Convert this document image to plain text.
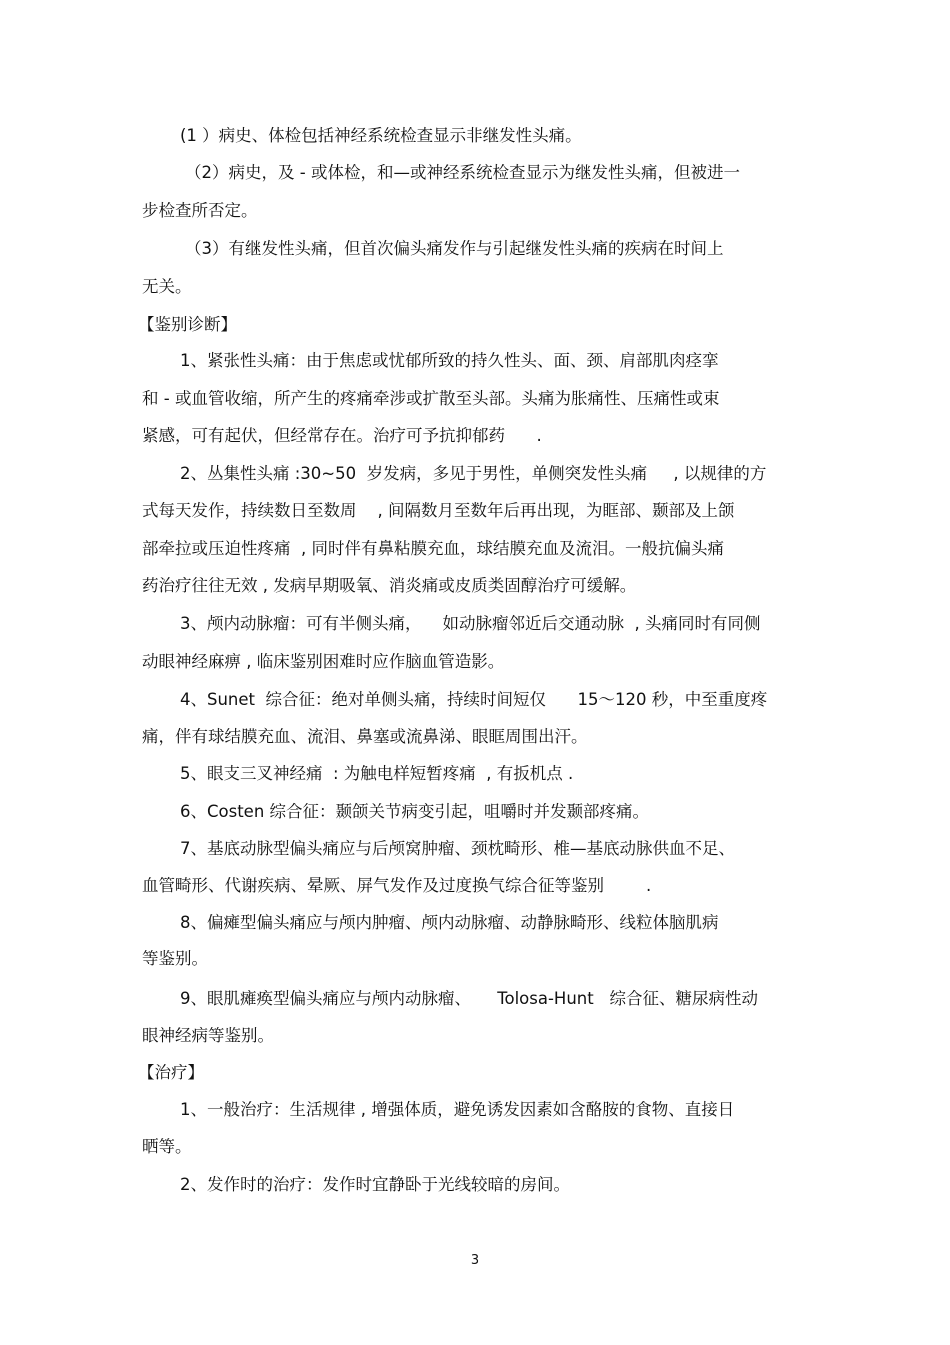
(1 ）病史、体检包括神经系统检查显示非继发性头痛。
（2）病史，及 - 或体检，和—或神经系统检查显示为继发性头痛，但被进一
步检查所否定。
（3）有继发性头痛，但首次偏头痛发作与引起继发性头痛的疾病在时间上
无关。
【鉴别诊断】
1、紧张性头痛：由于焦虑或忧郁所致的持久性头、面、颈、肩部肌肉痉挛
和 - 或血管收缩，所产生的疼痛牵涉或扩散至头部。头痛为胀痛性、压痛性或束
紧感，可有起伏，但经常存在。治疗可予抗抑郁药      .
2、丛集性头痛 :30~50  岁发病，多见于男性，单侧突发性头痛     , 以规律的方
式每天发作，持续数日至数周    , 间隔数月至数年后再出现，为眶部、颞部及上颌
部牵拉或压迫性疼痛  , 同时伴有鼻粘膜充血，球结膜充血及流泪。一般抗偏头痛
药治疗往往无效 , 发病早期吸氧、消炎痛或皮质类固醇治疗可缓解。
3、颅内动脉瘤：可有半侧头痛，    如动脉瘤邻近后交通动脉  , 头痛同时有同侧
动眼神经麻痹 , 临床鉴别困难时应作脑血管造影。
4、Sunet  综合征：绝对单侧头痛，持续时间短仅      15～120 秒，中至重度疼
痛，伴有球结膜充血、流泪、鼻塞或流鼻涕、眼眶周围出汗。
5、眼支三叉神经痛  : 为触电样短暂疼痛  , 有扳机点 .
6、Costen 综合征：颞颌关节病变引起，咀嚼时并发颞部疼痛。
7、基底动脉型偏头痛应与后颅窝肿瘤、颈枕畸形、椎—基底动脉供血不足、
血管畸形、代谢疾病、晕厥、屏气发作及过度换气综合征等鉴别        .
8、偏瘫型偏头痛应与颅内肿瘤、颅内动脉瘤、动静脉畸形、线粒体脑肌病
等鉴别。
9、眼肌瘫痪型偏头痛应与颅内动脉瘤、     Tolosa-Hunt   综合征、糖尿病性动
眼神经病等鉴别。
【治疗】
1、一般治疗：生活规律 , 增强体质，避免诱发因素如含酪胺的食物、直接日
晒等。
2、发作时的治疗：发作时宜静卧于光线较暗的房间。
3
